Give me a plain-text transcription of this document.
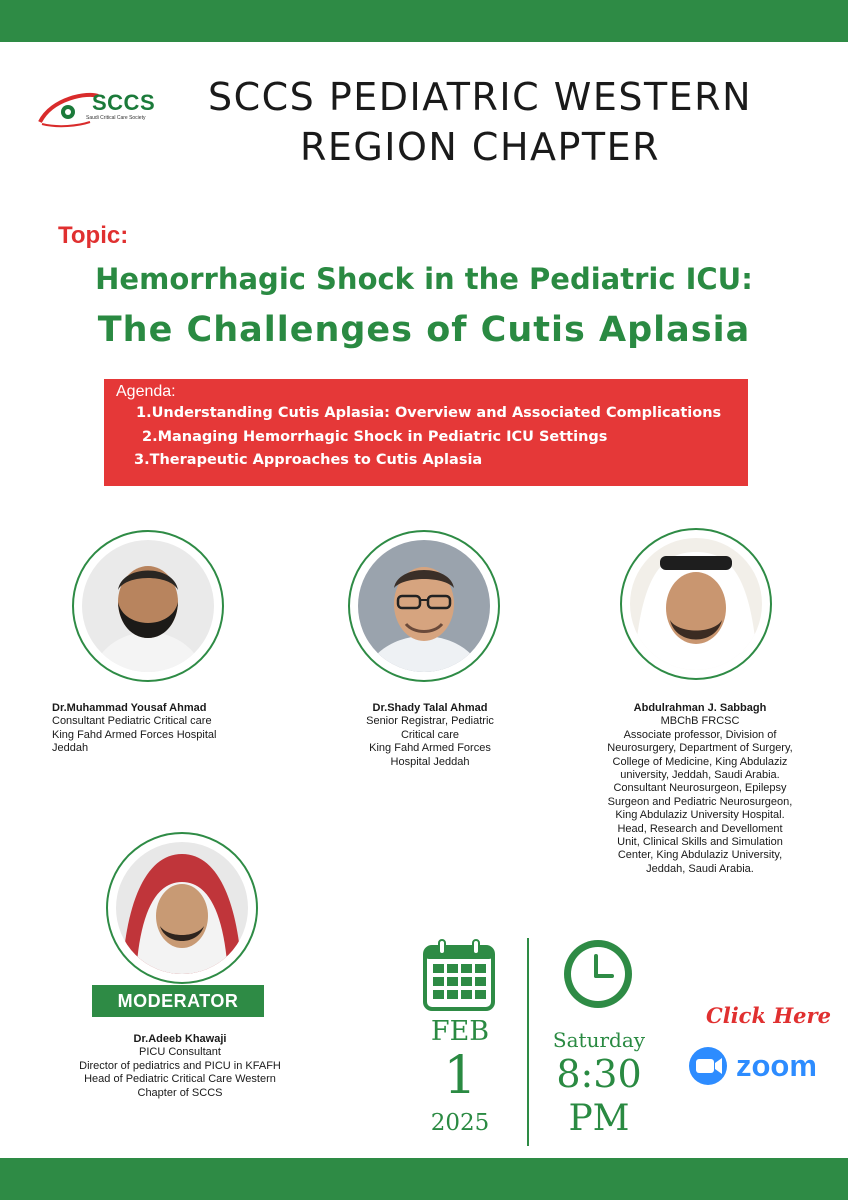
SCCS
Saudi Critical Care Society	SCCS PEDIATRIC WESTERN
REGION CHAPTER
Topic:
Hemorrhagic Shock in the Pediatric ICU:
The Challenges of Cutis Aplasia
Agenda:
1.Understanding Cutis Aplasia: Overview and Associated Complications
2.Managing Hemorrhagic Shock in Pediatric ICU Settings
3.Therapeutic Approaches to Cutis Aplasia
Dr.Muhammad Yousaf Ahmad
Consultant Pediatric Critical care
King Fahd Armed Forces Hospital
Jeddah
Dr.Shady Talal Ahmad
Senior Registrar, Pediatric
Critical care
King Fahd Armed Forces
Hospital Jeddah
Abdulrahman J. Sabbagh
MBChB FRCSC
Associate professor, Division of
Neurosurgery, Department of Surgery,
College of Medicine, King Abdulaziz
university, Jeddah, Saudi Arabia.
Consultant Neurosurgeon, Epilepsy
Surgeon and Pediatric Neurosurgeon,
King Abdulaziz University Hospital.
Head, Research and Develloment
Unit, Clinical Skills and Simulation
Center, King Abdulaziz University,
Jeddah, Saudi Arabia.
MODERATOR
Dr.Adeeb Khawaji
PICU Consultant
Director of pediatrics and PICU in KFAFH
Head of Pediatric Critical Care Western
Chapter of SCCS
FEB
1
2025
Saturday
8:30
PM
Click Here
zoom
